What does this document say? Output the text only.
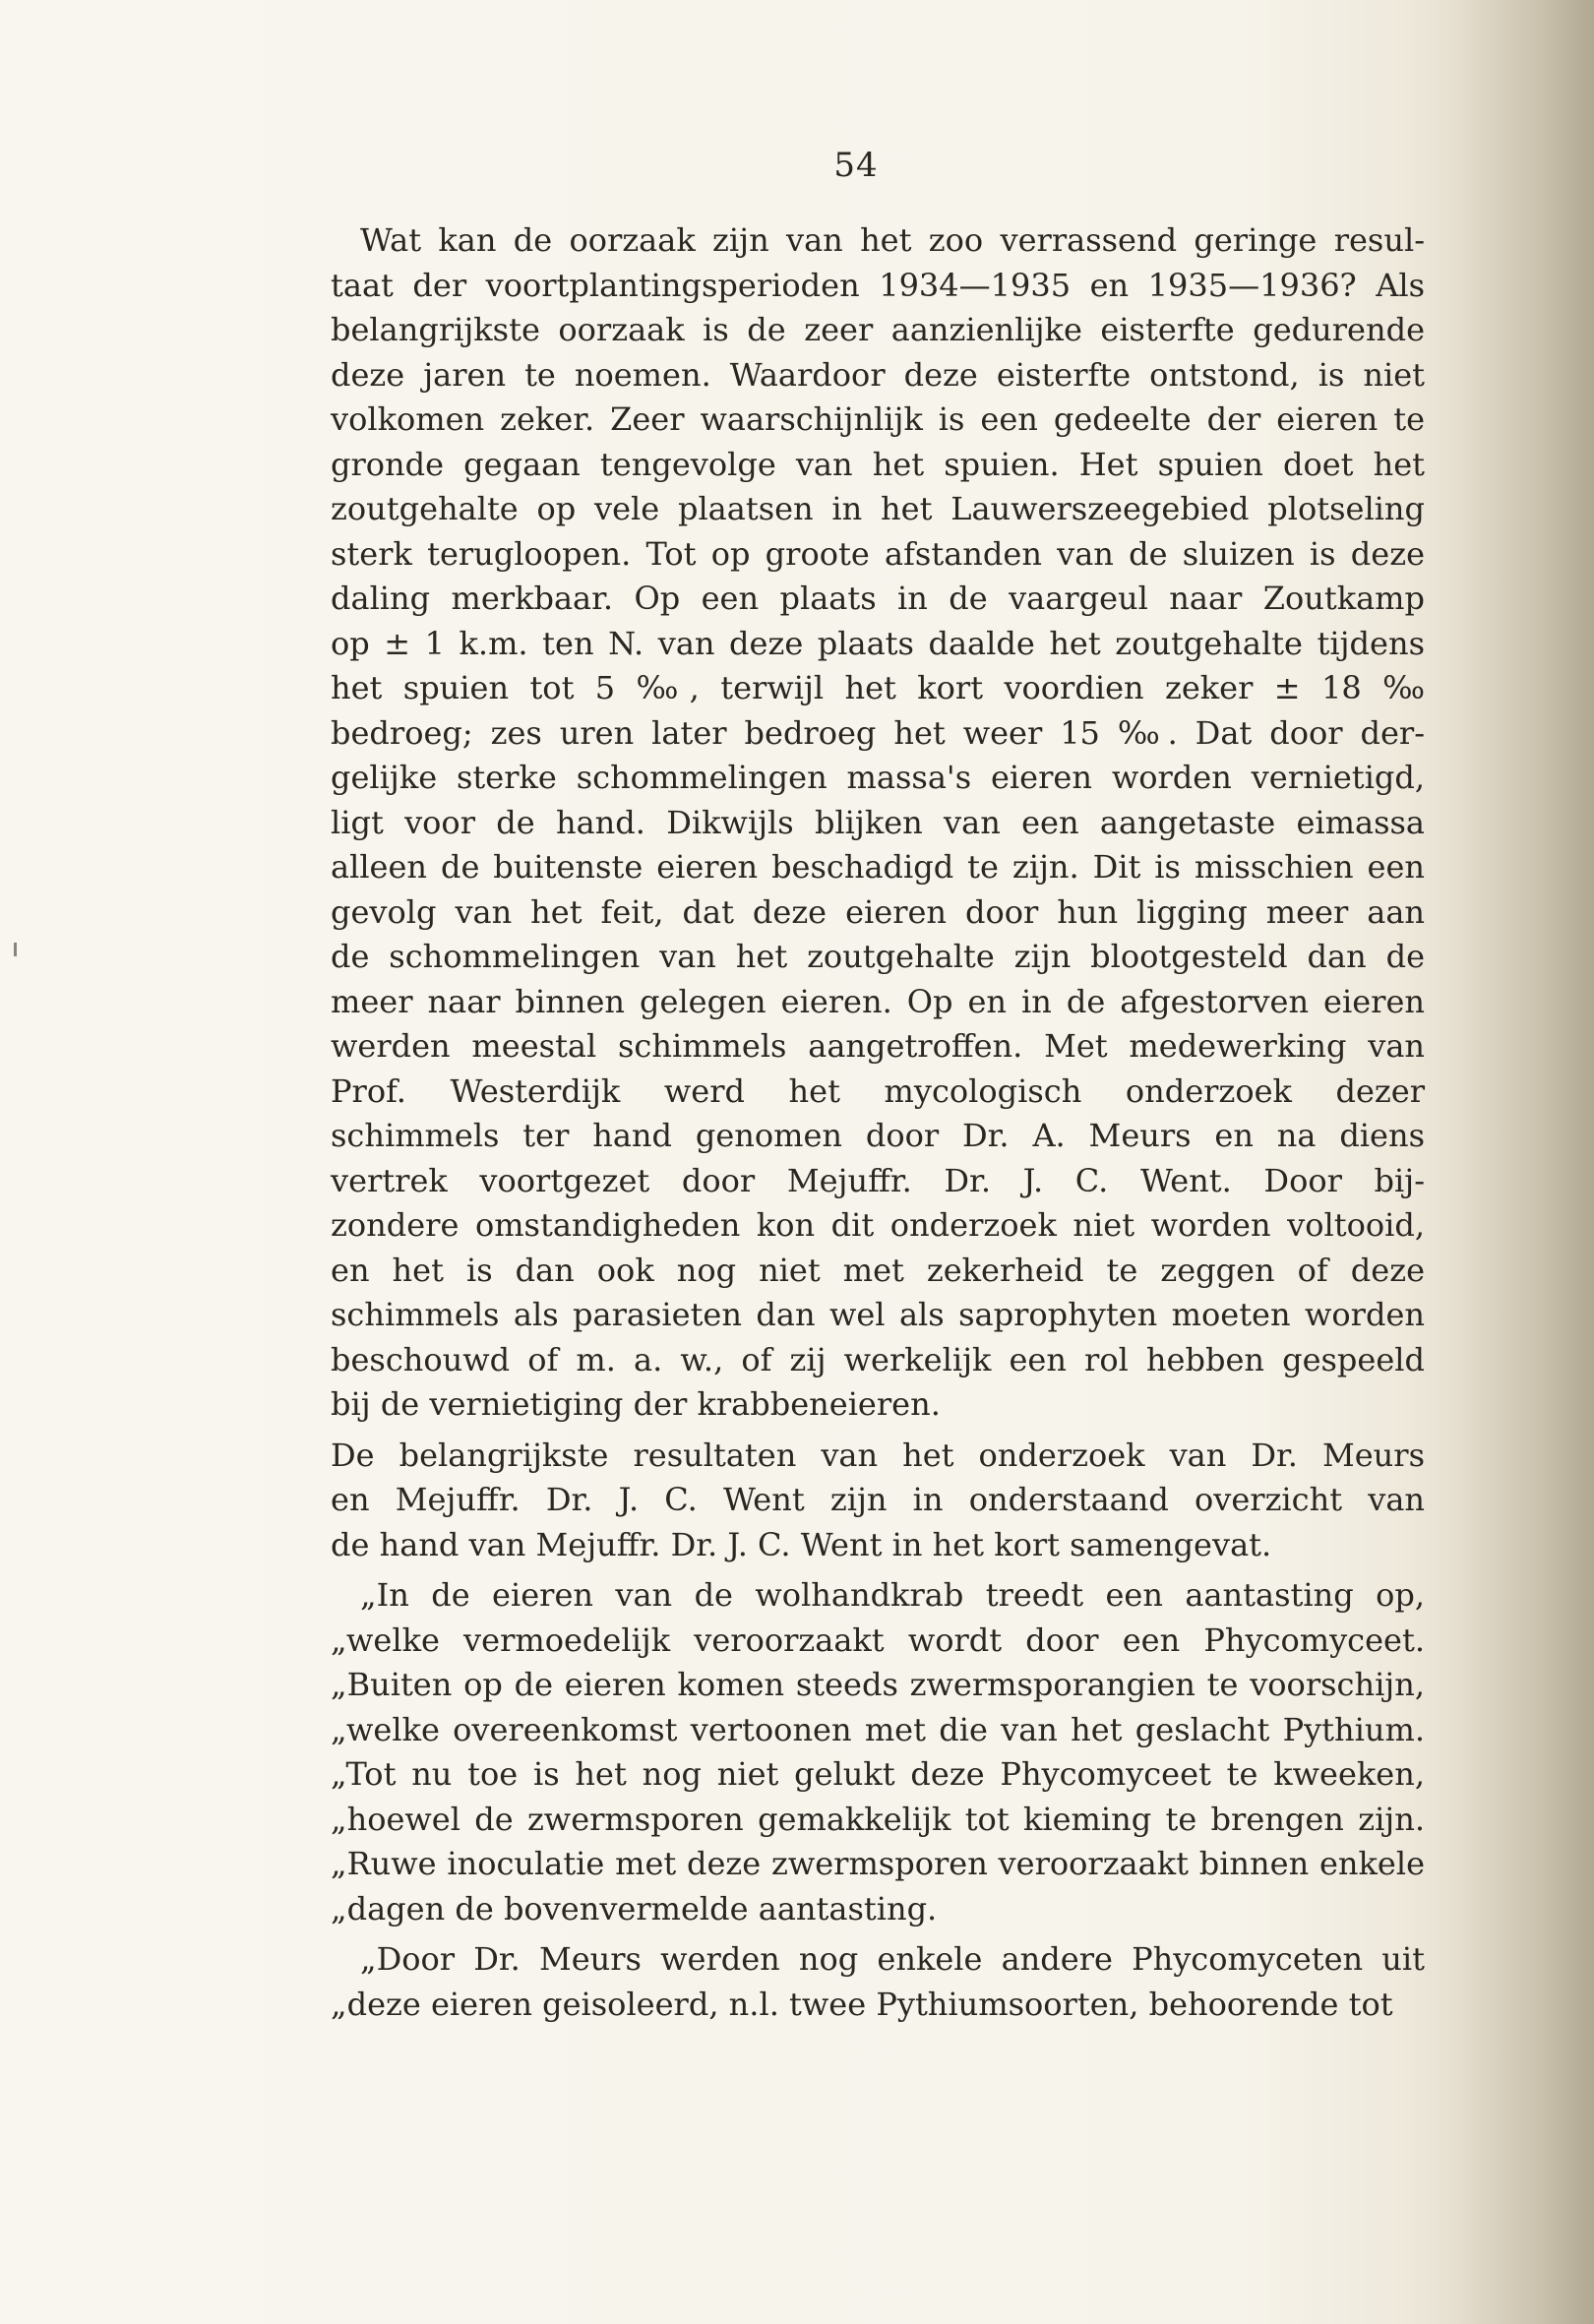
54
Wat kan de oorzaak zijn van het zoo verrassend geringe resul-
taat der voortplantingsperioden 1934—1935 en 1935—1936? Als
belangrijkste oorzaak is de zeer aanzienlijke eisterfte gedurende
deze jaren te noemen. Waardoor deze eisterfte ontstond, is niet
volkomen zeker. Zeer waarschijnlijk is een gedeelte der eieren te
gronde gegaan tengevolge van het spuien. Het spuien doet het
zoutgehalte op vele plaatsen in het Lauwerszeegebied plotseling
sterk terugloopen. Tot op groote afstanden van de sluizen is deze
daling merkbaar. Op een plaats in de vaargeul naar Zoutkamp
op ± 1 k.m. ten N. van deze plaats daalde het zoutgehalte tijdens
het spuien tot 5 ‰, terwijl het kort voordien zeker ± 18 ‰
bedroeg; zes uren later bedroeg het weer 15 ‰. Dat door der-
gelijke sterke schommelingen massa's eieren worden vernietigd,
ligt voor de hand. Dikwijls blijken van een aangetaste eimassa
alleen de buitenste eieren beschadigd te zijn. Dit is misschien een
gevolg van het feit, dat deze eieren door hun ligging meer aan
de schommelingen van het zoutgehalte zijn blootgesteld dan de
meer naar binnen gelegen eieren. Op en in de afgestorven eieren
werden meestal schimmels aangetroffen. Met medewerking van
Prof. Westerdijk werd het mycologisch onderzoek dezer
schimmels ter hand genomen door Dr. A. Meurs en na diens
vertrek voortgezet door Mejuffr. Dr. J. C. Went. Door bij-
zondere omstandigheden kon dit onderzoek niet worden voltooid,
en het is dan ook nog niet met zekerheid te zeggen of deze
schimmels als parasieten dan wel als saprophyten moeten worden
beschouwd of m. a. w., of zij werkelijk een rol hebben gespeeld
bij de vernietiging der krabbeneieren.
De belangrijkste resultaten van het onderzoek van Dr. Meurs
en Mejuffr. Dr. J. C. Went zijn in onderstaand overzicht van
de hand van Mejuffr. Dr. J. C. Went in het kort samengevat.
„In de eieren van de wolhandkrab treedt een aantasting op,
„welke vermoedelijk veroorzaakt wordt door een Phycomyceet.
„Buiten op de eieren komen steeds zwermsporangien te voorschijn,
„welke overeenkomst vertoonen met die van het geslacht Pythium.
„Tot nu toe is het nog niet gelukt deze Phycomyceet te kweeken,
„hoewel de zwermsporen gemakkelijk tot kieming te brengen zijn.
„Ruwe inoculatie met deze zwermsporen veroorzaakt binnen enkele
„dagen de bovenvermelde aantasting.
„Door Dr. Meurs werden nog enkele andere Phycomyceten uit
„deze eieren geisoleerd, n.l. twee Pythiumsoorten, behoorende tot
